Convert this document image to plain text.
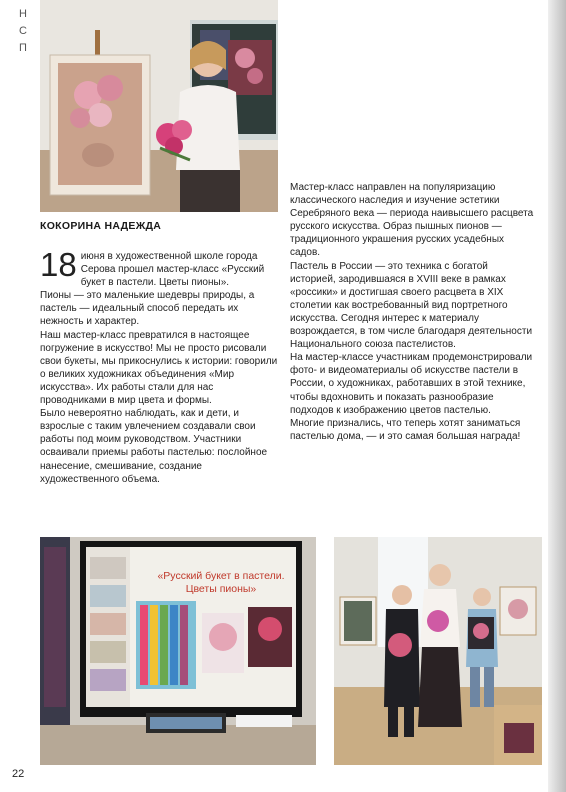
Н
С
П
КОКОРИНА НАДЕЖДА

18 июня в художественной школе города Серова прошел мастер-класс «Русский букет в пастели. Цветы пионы».

Пионы — это маленькие шедевры природы, а пастель — идеальный способ передать их нежность и характер.

Наш мастер-класс превратился в настоящее погружение в искусство! Мы не просто рисовали свои букеты, мы прикоснулись к истории: говорили о великих художниках объединения «Мир искусства». Их работы стали для нас проводниками в мир цвета и формы.

Было невероятно наблюдать, как и дети, и взрослые с таким увлечением создавали свои работы под моим руководством. Участники осваивали приемы работы пастелью: послойное нанесение, смешивание, создание художественного объема.

Мастер-класс направлен на популяризацию классического наследия и изучение эстетики Серебряного века — периода наивысшего расцвета русского искусства. Образ пышных пионов — традиционного украшения русских усадебных садов.

Пастель в России — это техника с богатой историей, зародившаяся в XVIII веке в рамках «россики» и достигшая своего расцвета в XIX столетии как востребованный вид портретного искусства. Сегодня интерес к материалу возрождается, в том числе благодаря деятельности Национального союза пастелистов.

На мастер-классе участникам продемонстрировали фото- и видеоматериалы об искусстве пастели в России, о художниках, работавших в этой технике, чтобы вдохновить и показать разнообразие подходов к изображению цветов пастелью.

Многие признались, что теперь хотят заниматься пастелью дома, — и это самая большая награда!

«Русский букет в пастели. Цветы пионы»
22
